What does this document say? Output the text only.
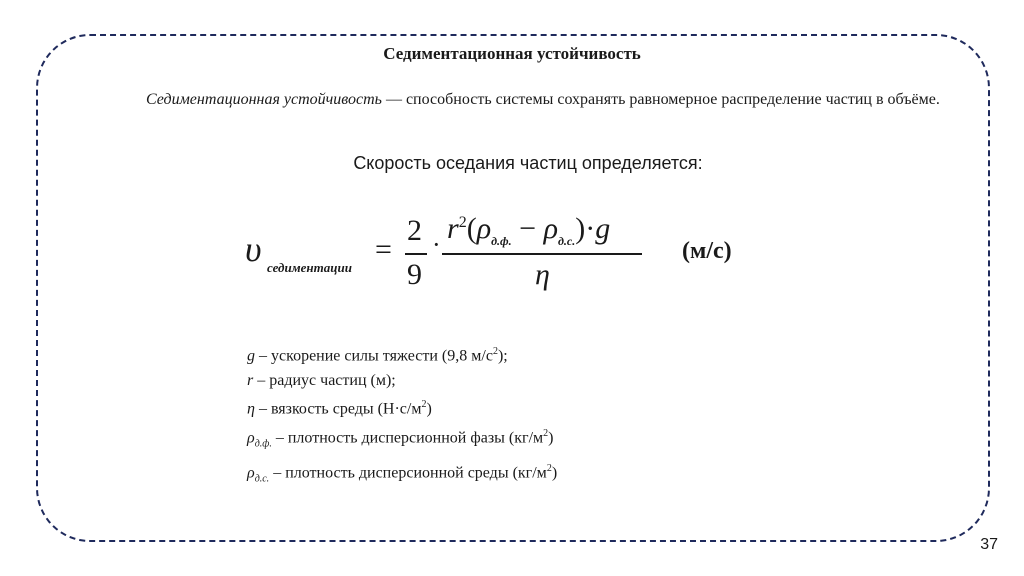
Седиментационная устойчивость
Седиментационная устойчивость — способность системы сохранять равномерное распределение частиц в объёме.
Скорость оседания частиц определяется:
υ седиментации
=
2
9
· $r^2(\rho_{д.ф.} - \rho_{д.с.})\cdot g$
η
(м/с)
g – ускорение силы тяжести (9,8 $м/с^2$);
r – радиус частиц (м);
η – вязкость среды $(Н\cdot с/м^2)$
$\rho_{д.ф.}$ – плотность дисперсионной фазы $(кг/м^2)$
$\rho_{д.с.}$ – плотность дисперсионной среды $(кг/м^2)$
37
